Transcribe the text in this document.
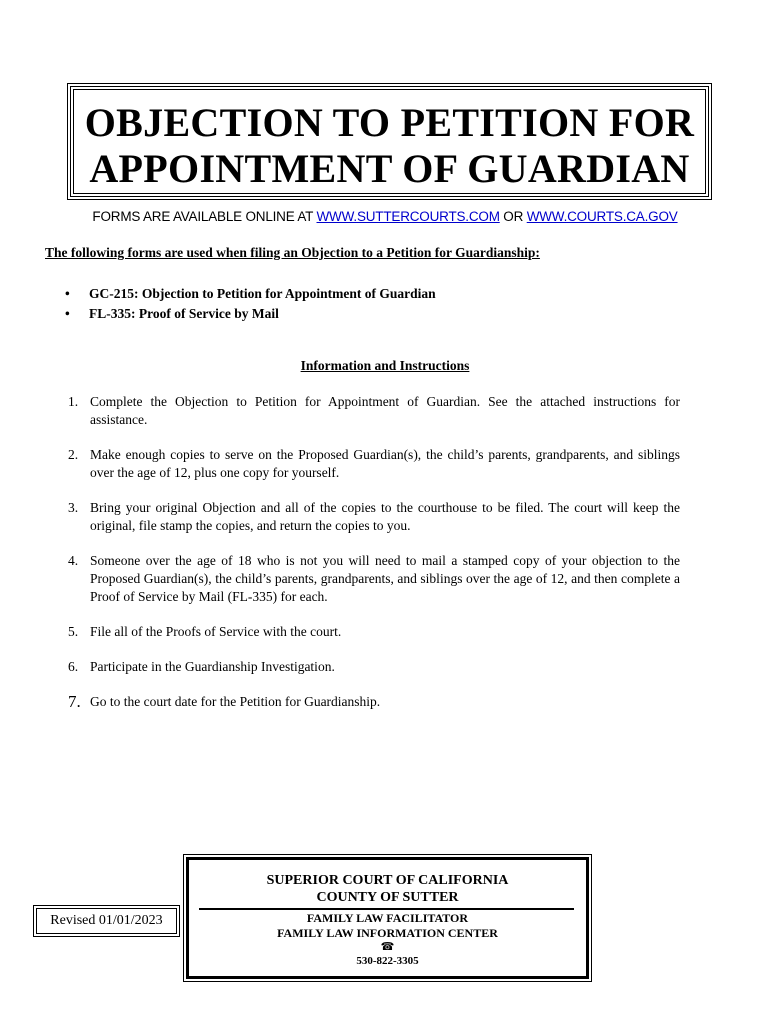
OBJECTION TO PETITION FOR
APPOINTMENT OF GUARDIAN
FORMS ARE AVAILABLE ONLINE AT WWW.SUTTERCOURTS.COM OR WWW.COURTS.CA.GOV
The following forms are used when filing an Objection to a Petition for Guardianship:
• GC-215: Objection to Petition for Appointment of Guardian
• FL-335: Proof of Service by Mail
Information and Instructions
1. Complete the Objection to Petition for Appointment of Guardian. See the attached instructions for assistance.
2. Make enough copies to serve on the Proposed Guardian(s), the child’s parents, grandparents, and siblings over the age of 12, plus one copy for yourself.
3. Bring your original Objection and all of the copies to the courthouse to be filed. The court will keep the original, file stamp the copies, and return the copies to you.
4. Someone over the age of 18 who is not you will need to mail a stamped copy of your objection to the Proposed Guardian(s), the child’s parents, grandparents, and siblings over the age of 12, and then complete a Proof of Service by Mail (FL-335) for each.
5. File all of the Proofs of Service with the court.
6. Participate in the Guardianship Investigation.
7. Go to the court date for the Petition for Guardianship.
Revised 01/01/2023
SUPERIOR COURT OF CALIFORNIA
COUNTY OF SUTTER
FAMILY LAW FACILITATOR
FAMILY LAW INFORMATION CENTER
☎
530-822-3305
